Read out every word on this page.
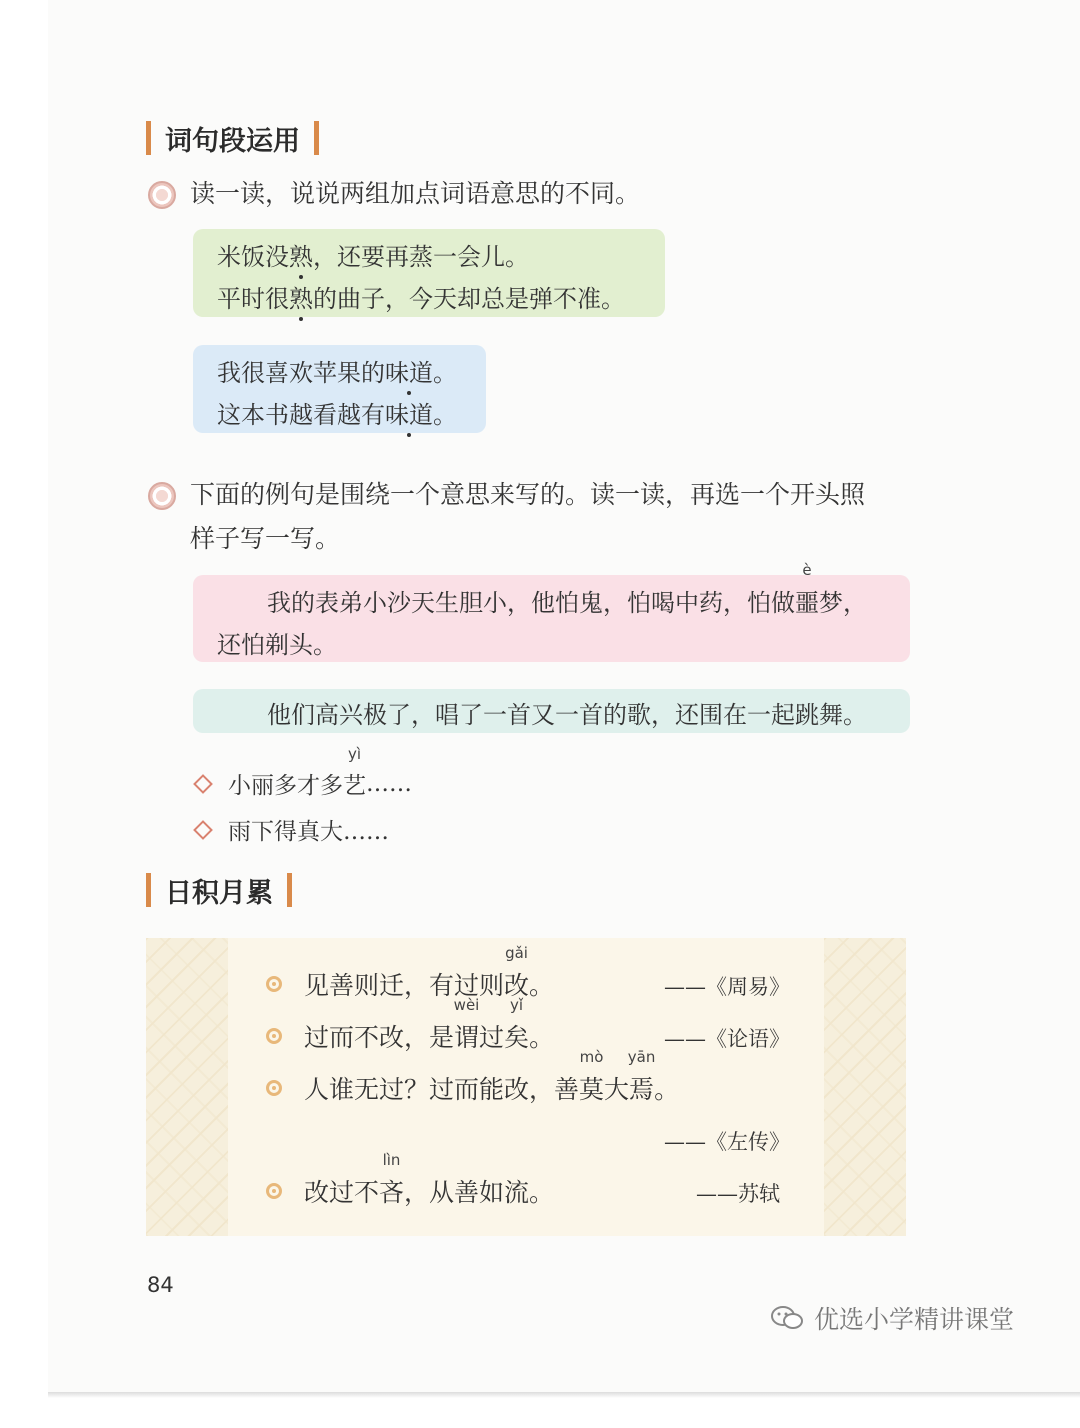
词句段运用
读一读，说说两组加点词语意思的不同。
米饭没熟，还要再蒸一会儿。
平时很熟的曲子，今天却总是弹不准。
我很喜欢苹果的味道。
这本书越看越有味道。
下面的例句是围绕一个意思来写的。读一读，再选一个开头照
样子写一写。
我的表弟小沙天生胆小，他怕鬼，怕喝中药，怕做
è
噩梦，
还怕剃头。
他们高兴极了，唱了一首又一首的歌，还围在一起跳舞。
小丽多才多
yì
艺 ……
雨下得真大……
日积月累
见善则迁，有过则
gǎi
改。	——《周易》
过而不改，是
wèi
谓过
yǐ
矣。	——《论语》
人谁无过？过而能改，善
mò
莫大
yān
焉。
——《左传》
改过不
lìn
吝，从善如流。	——苏轼
84
优选小学精讲课堂
